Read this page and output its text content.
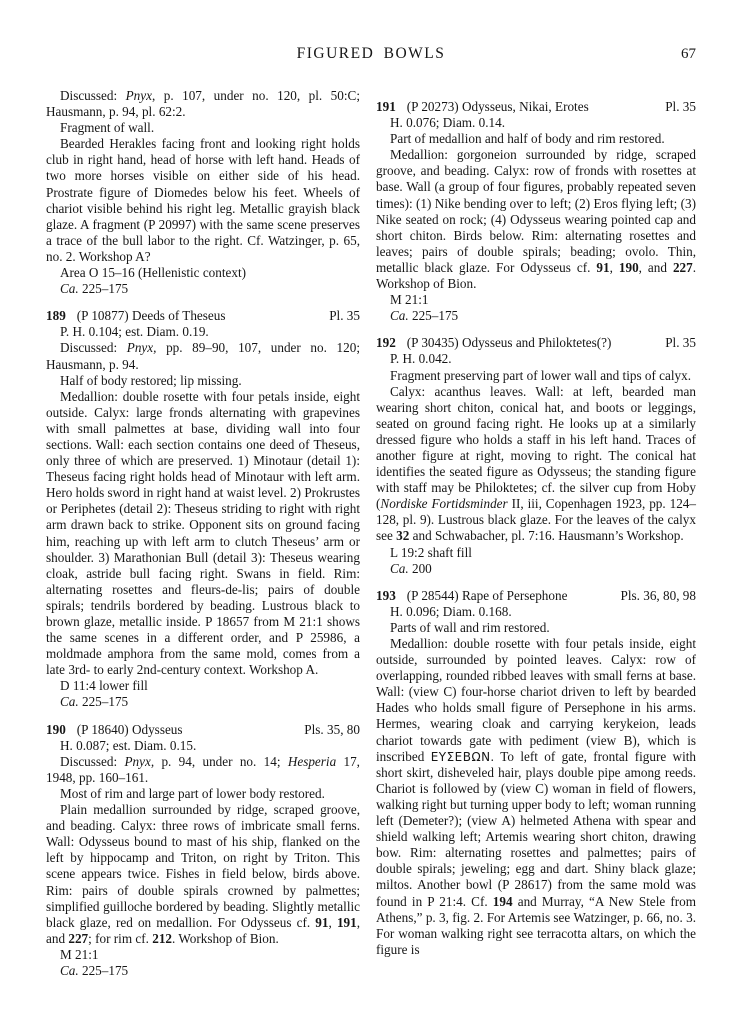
FIGURED BOWLS	67

Discussed: Pnyx, p. 107, under no. 120, pl. 50:C; Hausmann, p. 94, pl. 62:2.

Fragment of wall.

Bearded Herakles facing front and looking right holds club in right hand, head of horse with left hand. Heads of two more horses visible on either side of his head. Prostrate figure of Diomedes below his feet. Wheels of chariot visible behind his right leg. Metallic grayish black glaze. A fragment (P 20997) with the same scene preserves a trace of the bull labor to the right. Cf. Watzinger, p. 65, no. 2. Workshop A?

Area O 15–16 (Hellenistic context)

Ca. 225–175

189 (P 10877) Deeds of Theseus	Pl. 35

P. H. 0.104; est. Diam. 0.19.

Discussed: Pnyx, pp. 89–90, 107, under no. 120; Hausmann, p. 94.

Half of body restored; lip missing.

Medallion: double rosette with four petals inside, eight outside. Calyx: large fronds alternating with grapevines with small palmettes at base, dividing wall into four sections. Wall: each section contains one deed of Theseus, only three of which are preserved. 1) Minotaur (detail 1): Theseus facing right holds head of Minotaur with left arm. Hero holds sword in right hand at waist level. 2) Prokrustes or Periphetes (detail 2): Theseus striding to right with right arm drawn back to strike. Opponent sits on ground facing him, reaching up with left arm to clutch Theseus’ arm or shoulder. 3) Marathonian Bull (detail 3): Theseus wearing cloak, astride bull facing right. Swans in field. Rim: alternating rosettes and fleurs-de-lis; pairs of double spirals; tendrils bordered by beading. Lustrous black to brown glaze, metallic inside. P 18657 from M 21:1 shows the same scenes in a different order, and P 25986, a moldmade amphora from the same mold, comes from a late 3rd- to early 2nd-century context. Workshop A.

D 11:4 lower fill

Ca. 225–175

190 (P 18640) Odysseus	Pls. 35, 80

H. 0.087; est. Diam. 0.15.

Discussed: Pnyx, p. 94, under no. 14; Hesperia 17, 1948, pp. 160–161.

Most of rim and large part of lower body restored.

Plain medallion surrounded by ridge, scraped groove, and beading. Calyx: three rows of imbricate small ferns. Wall: Odysseus bound to mast of his ship, flanked on the left by hippocamp and Triton, on right by Triton. This scene appears twice. Fishes in field below, birds above. Rim: pairs of double spirals crowned by palmettes; simplified guilloche bordered by beading. Slightly metallic black glaze, red on medallion. For Odysseus cf. 91, 191, and 227; for rim cf. 212. Workshop of Bion.

M 21:1

Ca. 225–175

191 (P 20273) Odysseus, Nikai, Erotes	Pl. 35

H. 0.076; Diam. 0.14.

Part of medallion and half of body and rim restored.

Medallion: gorgoneion surrounded by ridge, scraped groove, and beading. Calyx: row of fronds with rosettes at base. Wall (a group of four figures, probably repeated seven times): (1) Nike bending over to left; (2) Eros flying left; (3) Nike seated on rock; (4) Odysseus wearing pointed cap and short chiton. Birds below. Rim: alternating rosettes and leaves; pairs of double spirals; beading; ovolo. Thin, metallic black glaze. For Odysseus cf. 91, 190, and 227. Workshop of Bion.

M 21:1

Ca. 225–175

192 (P 30435) Odysseus and Philoktetes(?)	Pl. 35

P. H. 0.042.

Fragment preserving part of lower wall and tips of calyx.

Calyx: acanthus leaves. Wall: at left, bearded man wearing short chiton, conical hat, and boots or leggings, seated on ground facing right. He looks up at a similarly dressed figure who holds a staff in his left hand. Traces of another figure at right, moving to right. The conical hat identifies the seated figure as Odysseus; the standing figure with staff may be Philoktetes; cf. the silver cup from Hoby (Nordiske Fortidsminder II, iii, Copenhagen 1923, pp. 124–128, pl. 9). Lustrous black glaze. For the leaves of the calyx see 32 and Schwabacher, pl. 7:16. Hausmann’s Workshop.

L 19:2 shaft fill

Ca. 200

193 (P 28544) Rape of Persephone	Pls. 36, 80, 98

H. 0.096; Diam. 0.168.

Parts of wall and rim restored.

Medallion: double rosette with four petals inside, eight outside, surrounded by pointed leaves. Calyx: row of overlapping, rounded ribbed leaves with small ferns at base. Wall: (view C) four-horse chariot driven to left by bearded Hades who holds small figure of Persephone in his arms. Hermes, wearing cloak and carrying kerykeion, leads chariot towards gate with pediment (view B), which is inscribed ΕΥΣΕΒΩΝ. To left of gate, frontal figure with short skirt, disheveled hair, plays double pipe among reeds. Chariot is followed by (view C) woman in field of flowers, walking right but turning upper body to left; woman running left (Demeter?); (view A) helmeted Athena with spear and shield walking left; Artemis wearing short chiton, drawing bow. Rim: alternating rosettes and palmettes; pairs of double spirals; jeweling; egg and dart. Shiny black glaze; miltos. Another bowl (P 28617) from the same mold was found in P 21:4. Cf. 194 and Murray, “A New Stele from Athens,” p. 3, fig. 2. For Artemis see Watzinger, p. 66, no. 3. For woman walking right see terracotta altars, on which the figure is
